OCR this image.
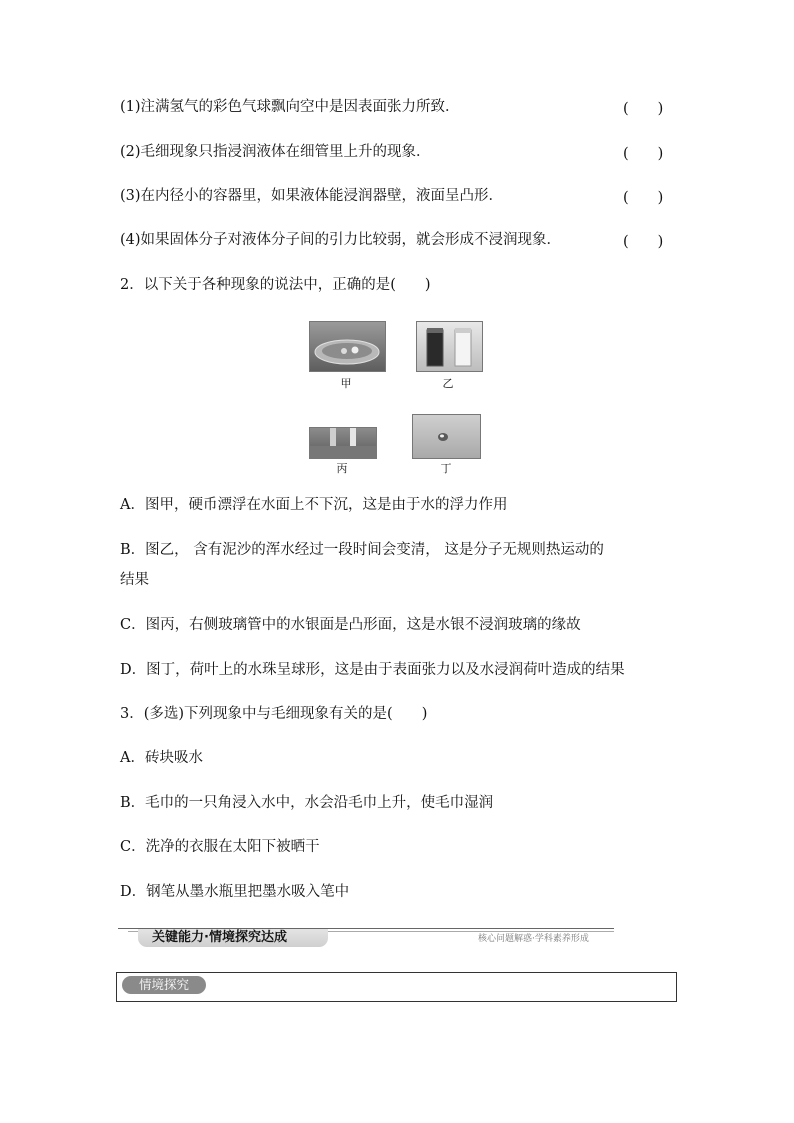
(1)注满氢气的彩色气球飘向空中是因表面张力所致．	(　　)
(2)毛细现象只指浸润液体在细管里上升的现象．	(　　)
(3)在内径小的容器里，如果液体能浸润器壁，液面呈凸形．	(　　)
(4)如果固体分子对液体分子间的引力比较弱，就会形成不浸润现象．	(　　)
2．以下关于各种现象的说法中，正确的是(　　)
甲	乙
丙	丁
A．图甲，硬币漂浮在水面上不下沉，这是由于水的浮力作用
B．图乙， 含有泥沙的浑水经过一段时间会变清， 这是分子无规则热运动的
结果
C．图丙，右侧玻璃管中的水银面是凸形面，这是水银不浸润玻璃的缘故
D．图丁，荷叶上的水珠呈球形，这是由于表面张力以及水浸润荷叶造成的结果
3．(多选)下列现象中与毛细现象有关的是(　　)
A．砖块吸水
B．毛巾的一只角浸入水中，水会沿毛巾上升，使毛巾湿润
C．洗净的衣服在太阳下被晒干
D．钢笔从墨水瓶里把墨水吸入笔中
关键能力·情境探究达成	核心问题解惑·学科素养形成
情境探究
